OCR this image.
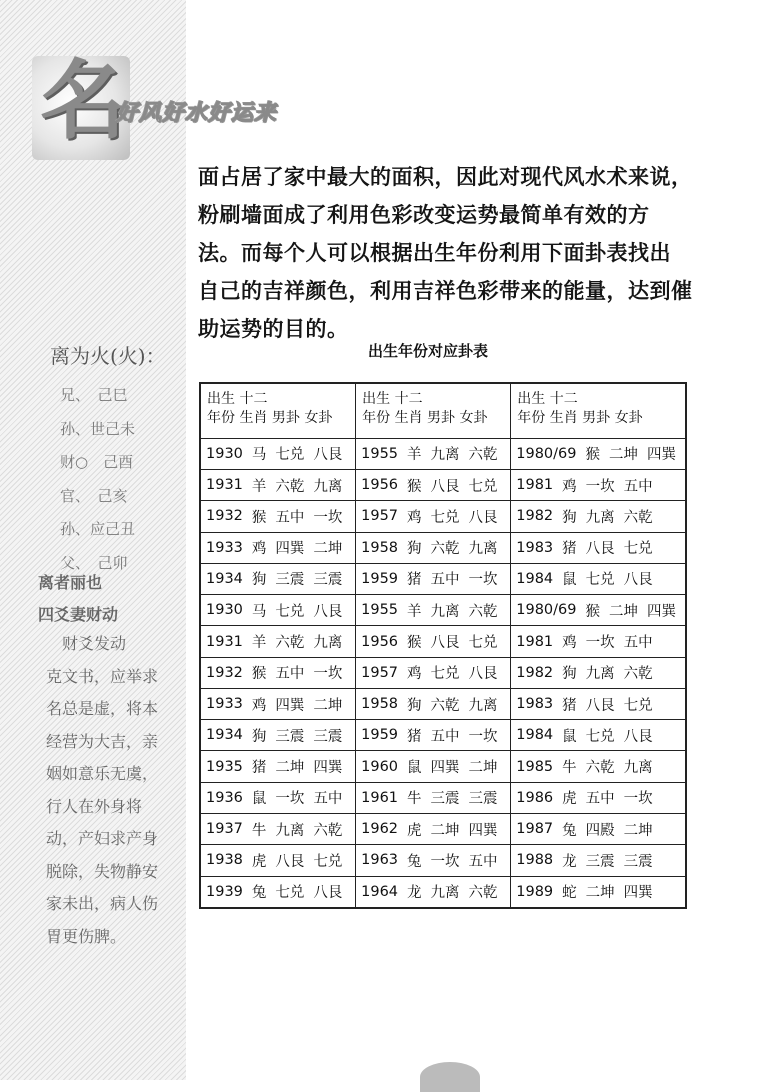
名
好风好水好运来
面占居了家中最大的面积，因此对现代风水术来说，
粉刷墙面成了利用色彩改变运势最简单有效的方
法。而每个人可以根据出生年份利用下面卦表找出
自己的吉祥颜色，利用吉祥色彩带来的能量，达到催
助运势的目的。
离为火(火)：
兄、　己巳
孙、世己未
财○　己酉
官、　己亥
孙、应己丑
父、　己卯
离者丽也
四爻妻财动
　财爻发动
克文书，应举求
名总是虚，将本
经营为大吉，亲
姻如意乐无虞，
行人在外身将
动，产妇求产身
脱除，失物静安
家未出，病人伤
胃更伤脾。
出生年份对应卦表
出生 十二
年份 生肖 男卦 女卦
1930 马 七兑 八艮
1931 羊 六乾 九离
1932 猴 五中 一坎
1933 鸡 四巽 二坤
1934 狗 三震 三震
1930 马 七兑 八艮
1931 羊 六乾 九离
1932 猴 五中 一坎
1933 鸡 四巽 二坤
1934 狗 三震 三震
1935 猪 二坤 四巽
1936 鼠 一坎 五中
1937 牛 九离 六乾
1938 虎 八艮 七兑
1939 兔 七兑 八艮
出生 十二
年份 生肖 男卦 女卦
1955 羊 九离 六乾
1956 猴 八艮 七兑
1957 鸡 七兑 八艮
1958 狗 六乾 九离
1959 猪 五中 一坎
1955 羊 九离 六乾
1956 猴 八艮 七兑
1957 鸡 七兑 八艮
1958 狗 六乾 九离
1959 猪 五中 一坎
1960 鼠 四巽 二坤
1961 牛 三震 三震
1962 虎 二坤 四巽
1963 兔 一坎 五中
1964 龙 九离 六乾
出生 十二
年份 生肖 男卦 女卦
1980/69 猴 二坤 四巽
1981 鸡 一坎 五中
1982 狗 九离 六乾
1983 猪 八艮 七兑
1984 鼠 七兑 八艮
1980/69 猴 二坤 四巽
1981 鸡 一坎 五中
1982 狗 九离 六乾
1983 猪 八艮 七兑
1984 鼠 七兑 八艮
1985 牛 六乾 九离
1986 虎 五中 一坎
1987 兔 四殿 二坤
1988 龙 三震 三震
1989 蛇 二坤 四巽
